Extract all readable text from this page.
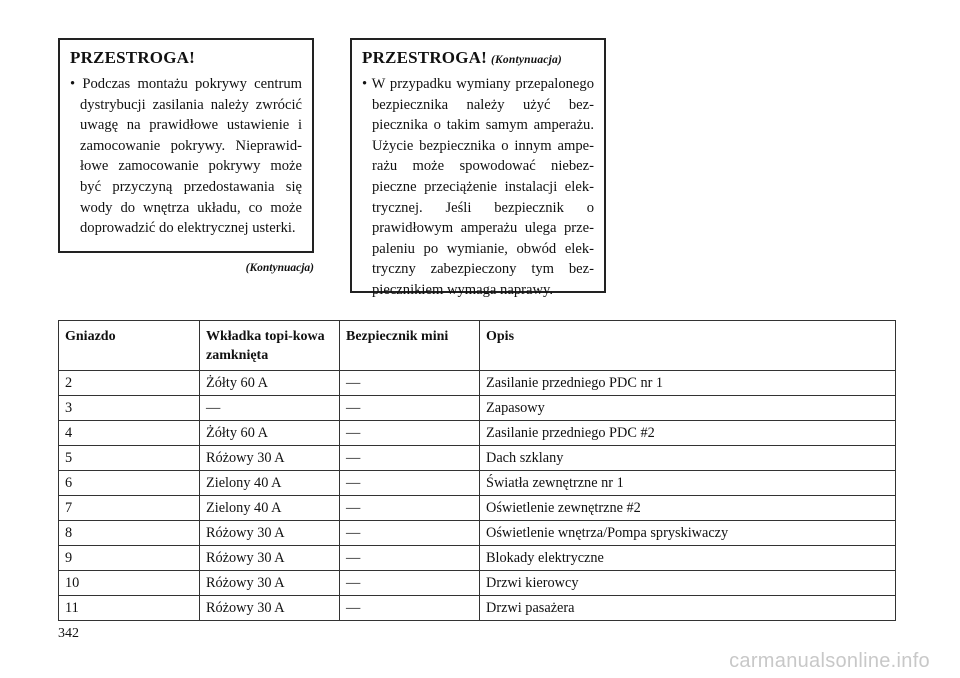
PRZESTROGA!
• Podczas montażu pokrywy centrum dystrybucji zasilania należy zwrócić uwagę na prawidłowe ustawienie i zamocowanie pokrywy. Nieprawidłowe zamocowanie pokrywy może być przyczyną przedostawania się wody do wnętrza układu, co może doprowadzić do elektrycznej usterki.
(Kontynuacja)
PRZESTROGA! (Kontynuacja)
• W przypadku wymiany przepalonego bezpiecznika należy użyć bezpiecznika o takim samym amperażu. Użycie bezpiecznika o innym amperażu może spowodować niebezpieczne przeciążenie instalacji elektrycznej. Jeśli bezpiecznik o prawidłowym amperażu ulega przepaleniu po wymianie, obwód elektryczny zabezpieczony tym bezpiecznikiem wymaga naprawy.
Gniazdo	Wkładka topi-kowa zamknięta	Bezpiecznik mini	Opis
2	Żółty 60 A	—	Zasilanie przedniego PDC nr 1
3	—	—	Zapasowy
4	Żółty 60 A	—	Zasilanie przedniego PDC #2
5	Różowy 30 A	—	Dach szklany
6	Zielony 40 A	—	Światła zewnętrzne nr 1
7	Zielony 40 A	—	Oświetlenie zewnętrzne #2
8	Różowy 30 A	—	Oświetlenie wnętrza/Pompa spryskiwaczy
9	Różowy 30 A	—	Blokady elektryczne
10	Różowy 30 A	—	Drzwi kierowcy
11	Różowy 30 A	—	Drzwi pasażera
342
carmanualsonline.info
